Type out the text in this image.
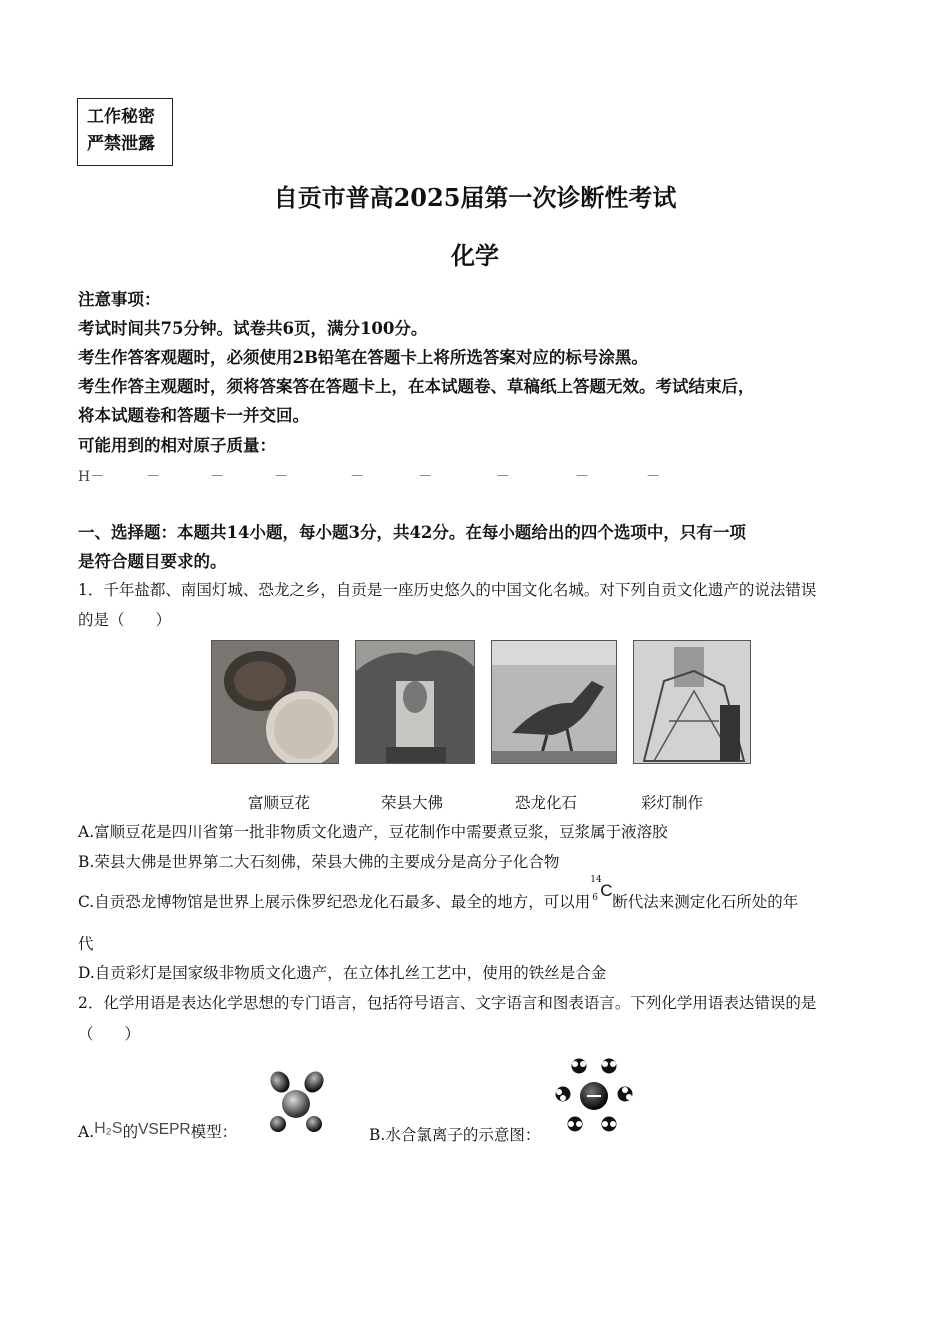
工作秘密
严禁泄露
自贡市普高2025届第一次诊断性考试
化学
注意事项：
考试时间共75分钟。试卷共6页，满分100分。
考生作答客观题时，必须使用2B铅笔在答题卡上将所选答案对应的标号涂黑。
考生作答主观题时，须将答案答在答题卡上，在本试题卷、草稿纸上答题无效。考试结束后，
将本试题卷和答题卡一并交回。
可能用到的相对原子质量：
H－	－	－	－	－	－	－	－	－
一、选择题：本题共14小题，每小题3分，共42分。在每小题给出的四个选项中，只有一项
是符合题目要求的。
1．千年盐都、南国灯城、恐龙之乡，自贡是一座历史悠久的中国文化名城。对下列自贡文化遗产的说法错误
的是（　　）
富顺豆花	荣县大佛	恐龙化石	彩灯制作
A.富顺豆花是四川省第一批非物质文化遗产，豆花制作中需要煮豆浆，豆浆属于液溶胶
B.荣县大佛是世界第二大石刻佛，荣县大佛的主要成分是高分子化合物
C.自贡恐龙博物馆是世界上展示侏罗纪恐龙化石最多、最全的地方，可以用
14
6 C
断代法来测定化石所处的年
代
D.自贡彩灯是国家级非物质文化遗产，在立体扎丝工艺中，使用的铁丝是合金
2．化学用语是表达化学思想的专门语言，包括符号语言、文字语言和图表语言。下列化学用语表达错误的是
（　　）
A.H₂S的VSEPR模型：	B.水合氯离子的示意图：
